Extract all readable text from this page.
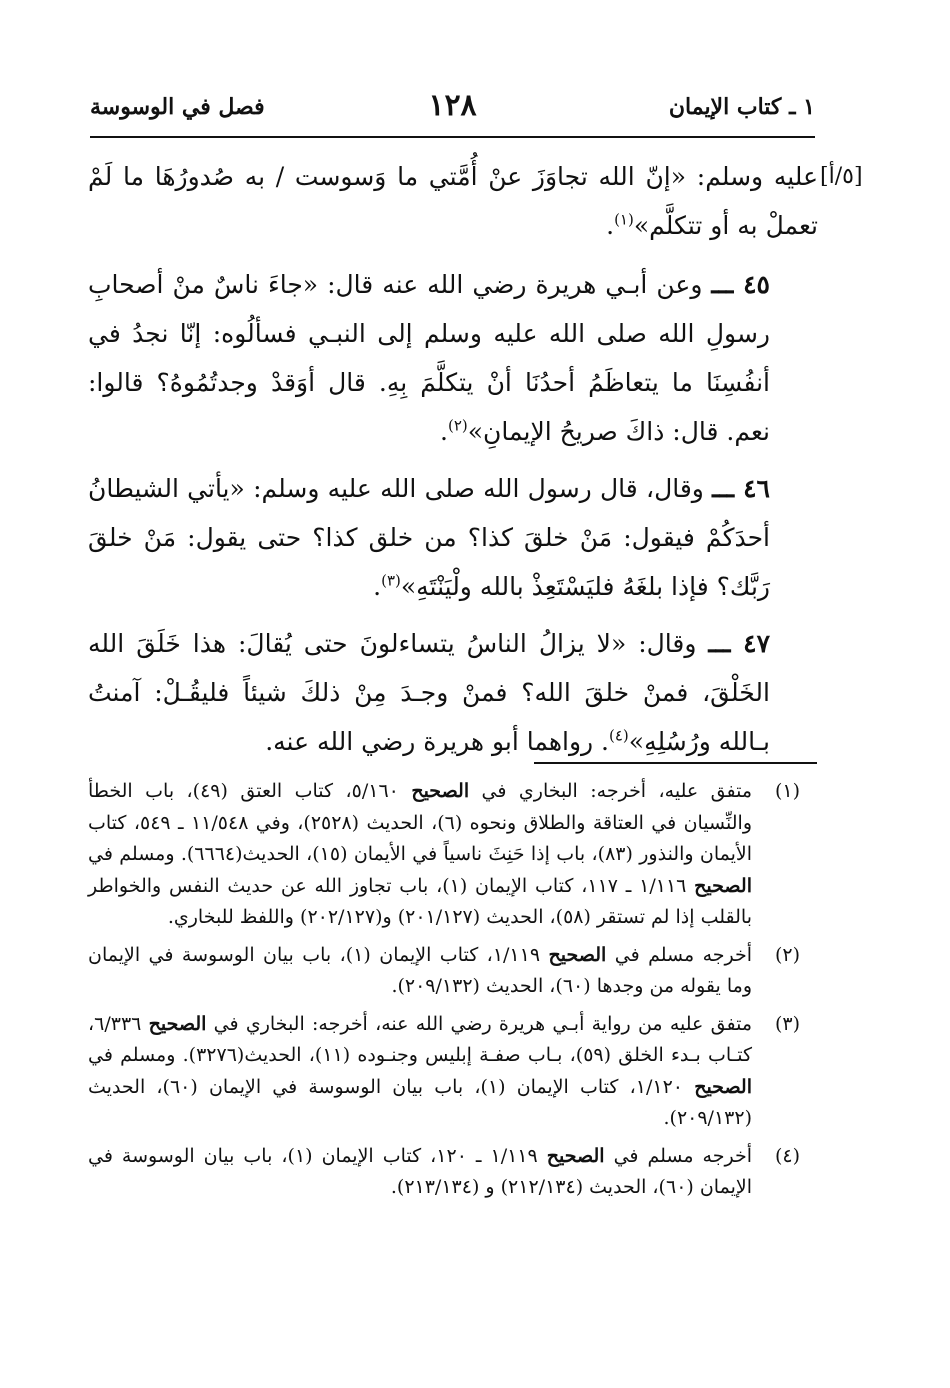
١ ـ كتاب الإيمان
١٢٨
فصل في الوسوسة
[٥/أ]

عليه وسلم: «إنّ الله تجاوَزَ عنْ أُمَّتي ما وَسوست / به صُدورُهَا ما لَمْ تعملْ به أو تتكلَّم»$^{(١)}$.

٤٥ ـــ وعن أبـي هريرة رضي الله عنه قال: «جاءَ ناسٌ منْ أصحابِ رسولِ الله صلى الله عليه وسلم إلى النبـي فسألُوه: إنّا نجدُ في أنفُسِنَا ما يتعاظَمُ أحدُنَا أنْ يتكلَّمَ بِهِ. قال أوَقدْ وجدتُمُوهُ؟ قالوا: نعم. قال: ذاكَ صريحُ الإيمانِ»$^{(٢)}$.

٤٦ ـــ وقال، قال رسول الله صلى الله عليه وسلم: «يأتي الشيطانُ أحدَكُمْ فيقول: مَنْ خلقَ كذا؟ من خلق كذا؟ حتى يقول: مَنْ خلقَ رَبَّك؟ فإذا بلغَهُ فليَسْتَعِذْ بالله ولْيَنْتَهِ»$^{(٣)}$.

٤٧ ـــ وقال: «لا يزالُ الناسُ يتساءلونَ حتى يُقالَ: هذا خَلَقَ الله الخَلْقَ، فمنْ خلقَ الله؟ فمنْ وجـدَ مِنْ ذلكَ شيئاً فليقُـلْ: آمنتُ بـالله ورُسُلِهِ»$^{(٤)}$. رواهما أبو هريرة رضي الله عنه.

(١)
متفق عليه، أخرجه: البخاري في الصحيح ٥/١٦٠، كتاب العتق (٤٩)، باب الخطأ والنِّسيان في العتاقة والطلاق ونحوه (٦)، الحديث (٢٥٢٨)، وفي ١١/٥٤٨ ـ ٥٤٩، كتاب الأيمان والنذور (٨٣)، باب إذا حَنِثَ ناسياً في الأيمان (١٥)، الحديث(٦٦٦٤). ومسلم في الصحيح ١/١١٦ ـ ١١٧، كتاب الإيمان (١)، باب تجاوز الله عن حديث النفس والخواطر بالقلب إذا لم تستقر (٥٨)، الحديث (٢٠١/١٢٧) و(٢٠٢/١٢٧) واللفظ للبخاري.
(٢)
أخرجه مسلم في الصحيح ١/١١٩، كتاب الإيمان (١)، باب بيان الوسوسة في الإيمان وما يقوله من وجدها (٦٠)، الحديث (٢٠٩/١٣٢).
(٣)
متفق عليه من رواية أبـي هريرة رضي الله عنه، أخرجه: البخاري في الصحيح ٦/٣٣٦، كتـاب بـدء الخلق (٥٩)، بـاب صفـة إبليس وجنـوده (١١)، الحديث(٣٢٧٦). ومسلم في الصحيح ١/١٢٠، كتاب الإيمان (١)، باب بيان الوسوسة في الإيمان (٦٠)، الحديث (٢٠٩/١٣٢).
(٤)
أخرجه مسلم في الصحيح ١/١١٩ ـ ١٢٠، كتاب الإيمان (١)، باب بيان الوسوسة في الإيمان (٦٠)، الحديث (٢١٢/١٣٤) و (٢١٣/١٣٤).
